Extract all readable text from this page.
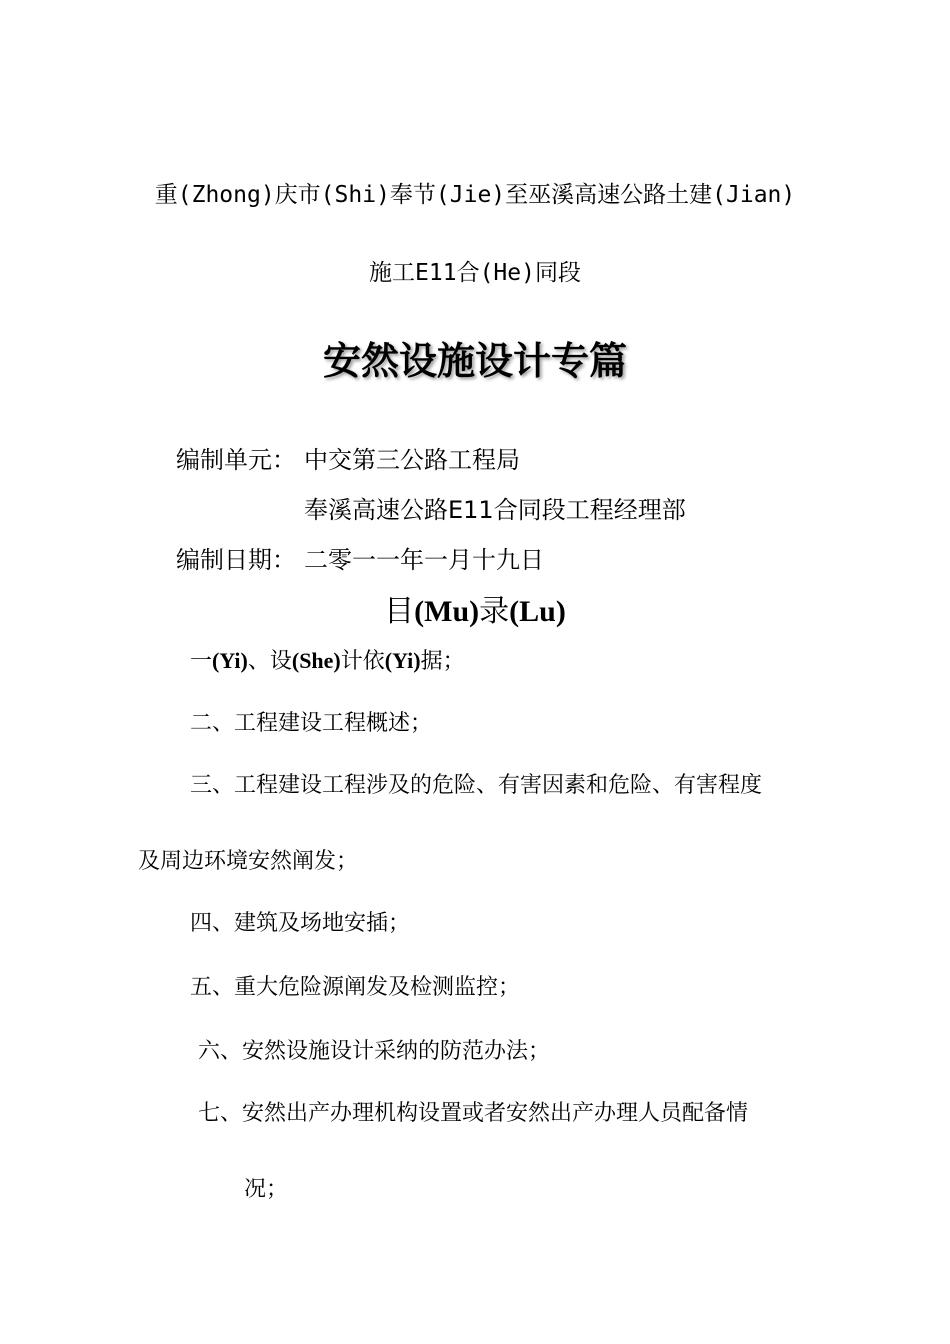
重(Zhong)庆市(Shi)奉节(Jie)至巫溪高速公路土建(Jian)
施工E11合(He)同段
安然设施设计专篇
编制单元： 中交第三公路工程局
奉溪高速公路E11合同段工程经理部
编制日期： 二零一一年一月十九日
目(Mu)录(Lu)
一(Yi)、设(She)计依(Yi)据；
二、工程建设工程概述；
三、工程建设工程涉及的危险、有害因素和危险、有害程度
及周边环境安然阐发；
四、建筑及场地安插；
五、重大危险源阐发及检测监控；
六、安然设施设计采纳的防范办法；
七、安然出产办理机构设置或者安然出产办理人员配备情
况；
